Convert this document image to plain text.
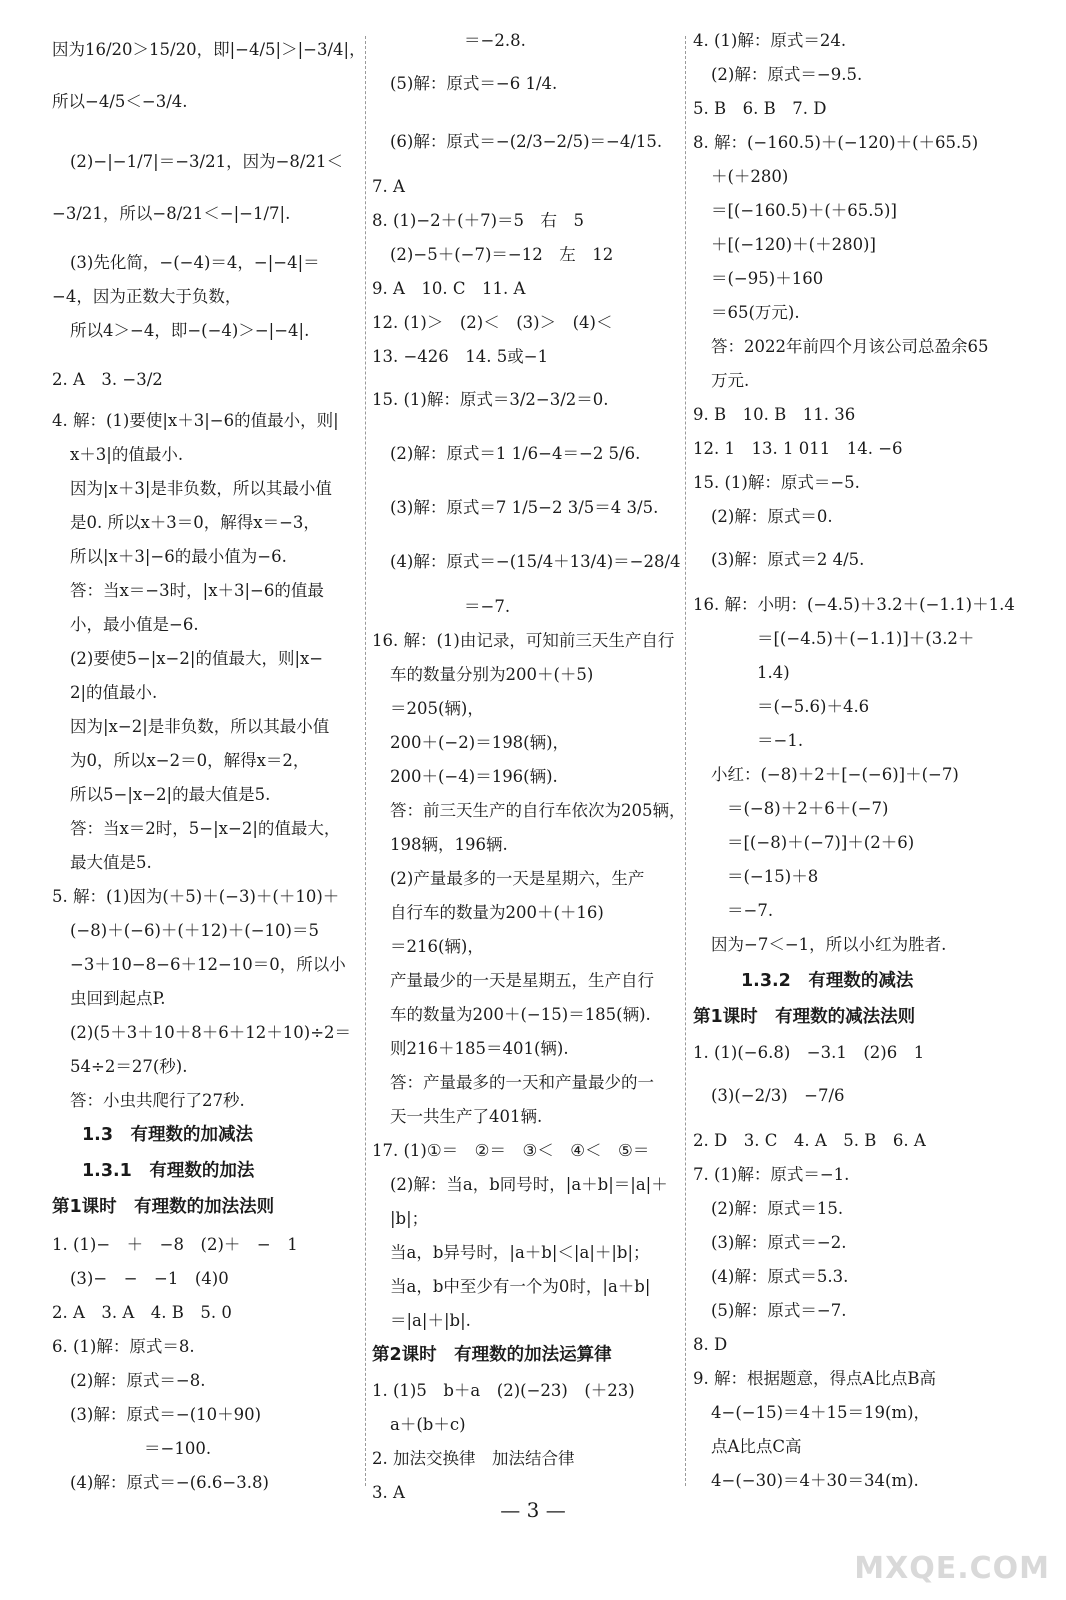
因为16/20＞15/20，即|−4/5|＞|−3/4|，
所以−4/5＜−3/4.
(2)−|−1/7|＝−3/21，因为−8/21＜
−3/21，所以−8/21＜−|−1/7|.
(3)先化简，−(−4)＝4，−|−4|＝
−4，因为正数大于负数，
所以4＞−4，即−(−4)＞−|−4|.
2. A　3. −3/2
4. 解：(1)要使|x＋3|−6的值最小，则|
x＋3|的值最小.
因为|x＋3|是非负数，所以其最小值
是0. 所以x＋3＝0，解得x＝−3，
所以|x＋3|−6的最小值为−6.
答：当x＝−3时，|x＋3|−6的值最
小，最小值是−6.
(2)要使5−|x−2|的值最大，则|x−
2|的值最小.
因为|x−2|是非负数，所以其最小值
为0，所以x−2＝0，解得x＝2，
所以5−|x−2|的最大值是5.
答：当x＝2时，5−|x−2|的值最大，
最大值是5.
5. 解：(1)因为(＋5)＋(−3)＋(＋10)＋
(−8)＋(−6)＋(＋12)＋(−10)＝5
−3＋10−8−6＋12−10＝0，所以小
虫回到起点P.
(2)(5＋3＋10＋8＋6＋12＋10)÷2＝
54÷2＝27(秒).
答：小虫共爬行了27秒.
1.3　有理数的加减法
1.3.1　有理数的加法
第1课时　有理数的加法法则
1. (1)−　＋　−8　(2)＋　−　1
(3)−　−　−1　(4)0
2. A　3. A　4. B　5. 0
6. (1)解：原式＝8.
(2)解：原式＝−8.
(3)解：原式＝−(10＋90)
＝−100.
(4)解：原式＝−(6.6−3.8)
＝−2.8.
(5)解：原式＝−6 1/4.
(6)解：原式＝−(2/3−2/5)＝−4/15.
7. A
8. (1)−2＋(＋7)＝5　右　5
(2)−5＋(−7)＝−12　左　12
9. A　10. C　11. A
12. (1)＞　(2)＜　(3)＞　(4)＜
13. −426　14. 5或−1
15. (1)解：原式＝3/2−3/2＝0.
(2)解：原式＝1 1/6−4＝−2 5/6.
(3)解：原式＝7 1/5−2 3/5＝4 3/5.
(4)解：原式＝−(15/4＋13/4)＝−28/4
＝−7.
16. 解：(1)由记录，可知前三天生产自行
车的数量分别为200＋(＋5)
＝205(辆)，
200＋(−2)＝198(辆)，
200＋(−4)＝196(辆).
答：前三天生产的自行车依次为205辆，
198辆，196辆.
(2)产量最多的一天是星期六，生产
自行车的数量为200＋(＋16)
＝216(辆)，
产量最少的一天是星期五，生产自行
车的数量为200＋(−15)＝185(辆).
则216＋185＝401(辆).
答：产量最多的一天和产量最少的一
天一共生产了401辆.
17. (1)①＝　②＝　③＜　④＜　⑤＝
(2)解：当a，b同号时，|a＋b|＝|a|＋
|b|；
当a，b异号时，|a＋b|＜|a|＋|b|；
当a，b中至少有一个为0时，|a＋b|
＝|a|＋|b|.
第2课时　有理数的加法运算律
1. (1)5　b＋a　(2)(−23)　(＋23)
a＋(b＋c)
2. 加法交换律　加法结合律
3. A
4. (1)解：原式＝24.
(2)解：原式＝−9.5.
5. B　6. B　7. D
8. 解：(−160.5)＋(−120)＋(＋65.5)
＋(＋280)
＝[(−160.5)＋(＋65.5)]
＋[(−120)＋(＋280)]
＝(−95)＋160
＝65(万元).
答：2022年前四个月该公司总盈余65
万元.
9. B　10. B　11. 36
12. 1　13. 1 011　14. −6
15. (1)解：原式＝−5.
(2)解：原式＝0.
(3)解：原式＝2 4/5.
16. 解：小明：(−4.5)＋3.2＋(−1.1)＋1.4
＝[(−4.5)＋(−1.1)]＋(3.2＋
1.4)
＝(−5.6)＋4.6
＝−1.
小红：(−8)＋2＋[−(−6)]＋(−7)
＝(−8)＋2＋6＋(−7)
＝[(−8)＋(−7)]＋(2＋6)
＝(−15)＋8
＝−7.
因为−7＜−1，所以小红为胜者.
1.3.2　有理数的减法
第1课时　有理数的减法法则
1. (1)(−6.8)　−3.1　(2)6　1
(3)(−2/3)　−7/6
2. D　3. C　4. A　5. B　6. A
7. (1)解：原式＝−1.
(2)解：原式＝15.
(3)解：原式＝−2.
(4)解：原式＝5.3.
(5)解：原式＝−7.
8. D
9. 解：根据题意，得点A比点B高
4−(−15)＝4＋15＝19(m)，
点A比点C高
4−(−30)＝4＋30＝34(m).
— 3 —
MXQE.COM
